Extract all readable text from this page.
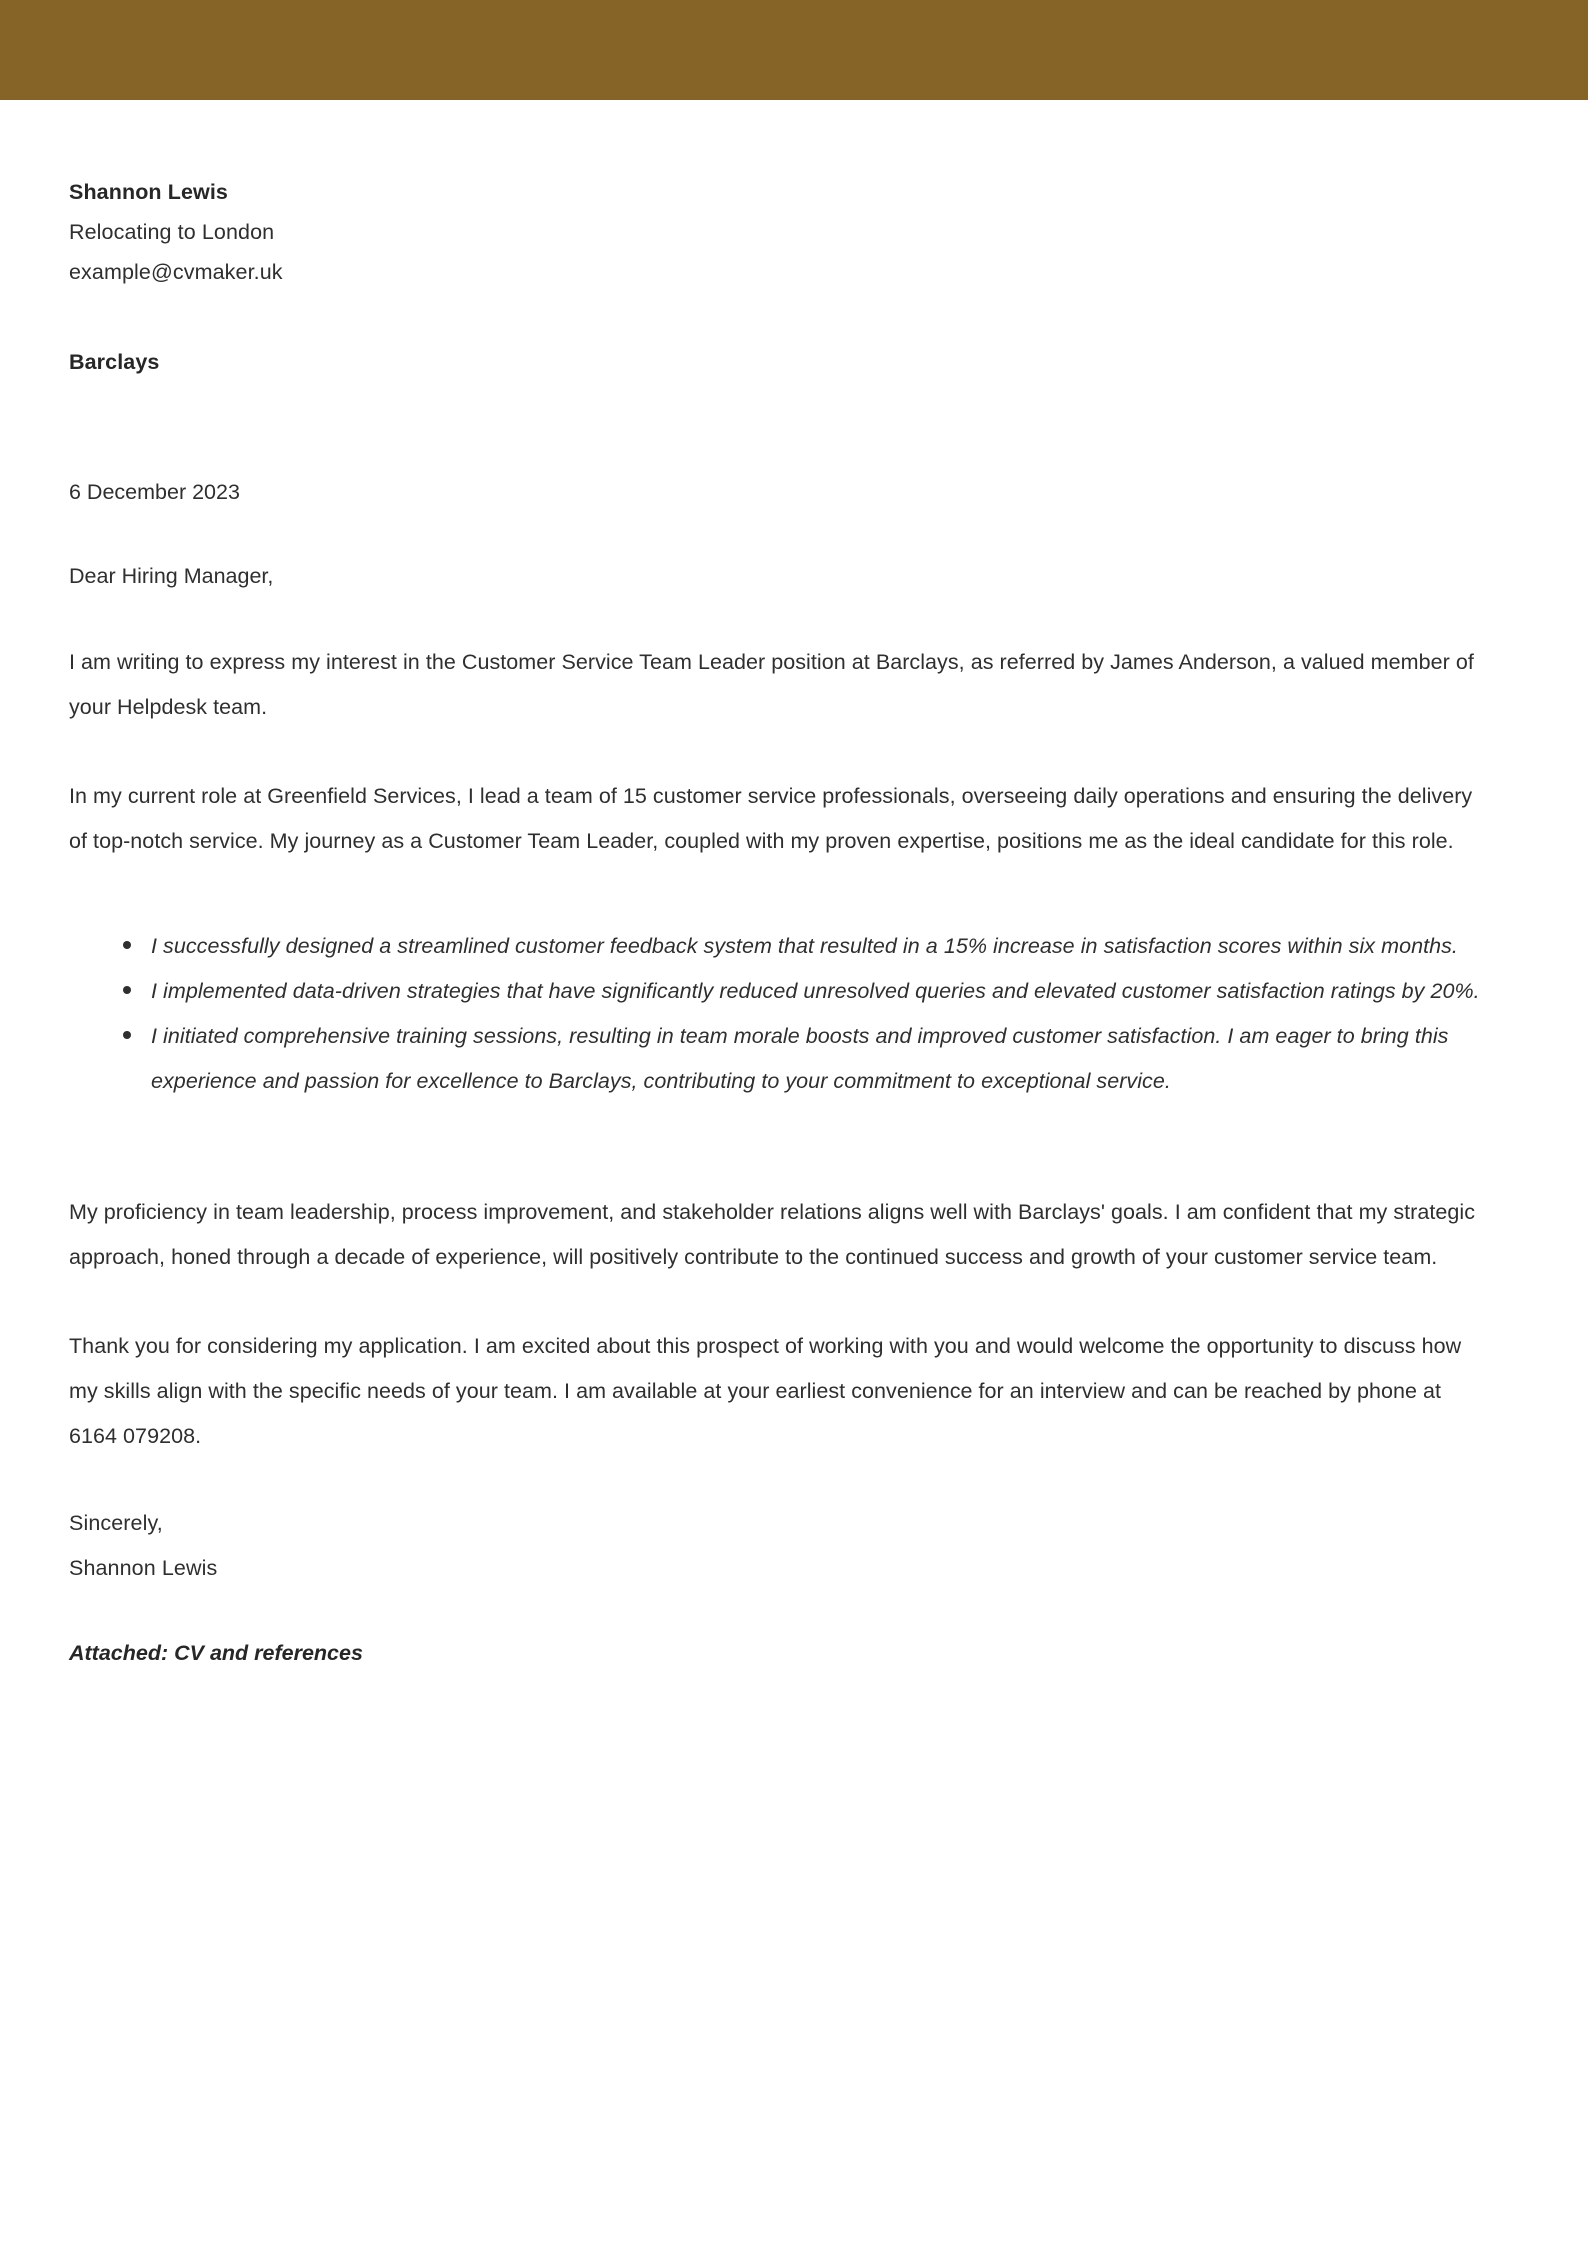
Shannon Lewis
Relocating to London
example@cvmaker.uk
Barclays
6 December 2023
Dear Hiring Manager,

I am writing to express my interest in the Customer Service Team Leader position at Barclays, as referred by James Anderson, a valued member of your Helpdesk team.

In my current role at Greenfield Services, I lead a team of 15 customer service professionals, overseeing daily operations and ensuring the delivery of top-notch service. My journey as a Customer Team Leader, coupled with my proven expertise, positions me as the ideal candidate for this role.

I successfully designed a streamlined customer feedback system that resulted in a 15% increase in satisfaction scores within six months.
I implemented data-driven strategies that have significantly reduced unresolved queries and elevated customer satisfaction ratings by 20%.
I initiated comprehensive training sessions, resulting in team morale boosts and improved customer satisfaction. I am eager to bring this experience and passion for excellence to Barclays, contributing to your commitment to exceptional service.

My proficiency in team leadership, process improvement, and stakeholder relations aligns well with Barclays' goals. I am confident that my strategic approach, honed through a decade of experience, will positively contribute to the continued success and growth of your customer service team.

Thank you for considering my application. I am excited about this prospect of working with you and would welcome the opportunity to discuss how my skills align with the specific needs of your team. I am available at your earliest convenience for an interview and can be reached by phone at 6164 079208.

Sincerely,
Shannon Lewis
Attached: CV and references
